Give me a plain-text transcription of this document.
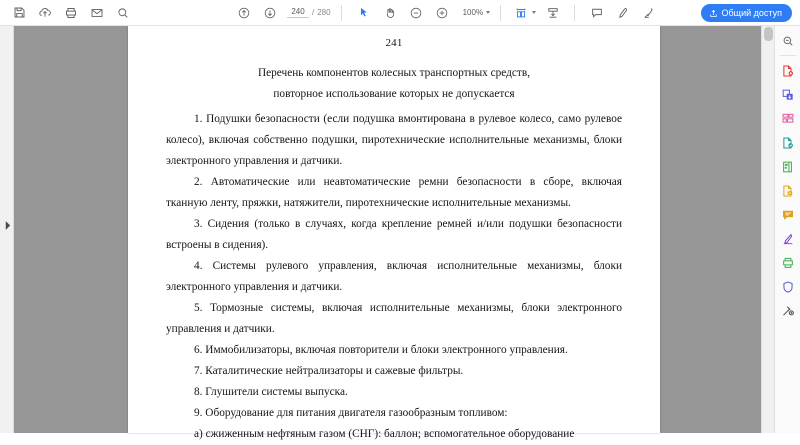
240
/ 280	100%	Общий доступ
241
Перечень компонентов колесных транспортных средств,
повторное использование которых не допускается

1. Подушки безопасности (если подушка вмонтирована в рулевое колесо, само рулевое колесо), включая собственно подушки, пиротехнические исполнительные механизмы, блоки электронного управления и датчики.

2. Автоматические или неавтоматические ремни безопасности в сборе, включая тканную ленту, пряжки, натяжители, пиротехнические исполнительные механизмы.

3. Сидения (только в случаях, когда крепление ремней и/или подушки безопасности встроены в сидения).

4. Системы рулевого управления, включая исполнительные механизмы, блоки электронного управления и датчики.

5. Тормозные системы, включая исполнительные механизмы, блоки электронного управления и датчики.

6. Иммобилизаторы, включая повторители и блоки электронного управления.

7. Каталитические нейтрализаторы и сажевые фильтры.

8. Глушители системы выпуска.

9. Оборудование для питания двигателя газообразным топливом:

а) сжиженным нефтяным газом (СНГ): баллон; вспомогательное оборудование
